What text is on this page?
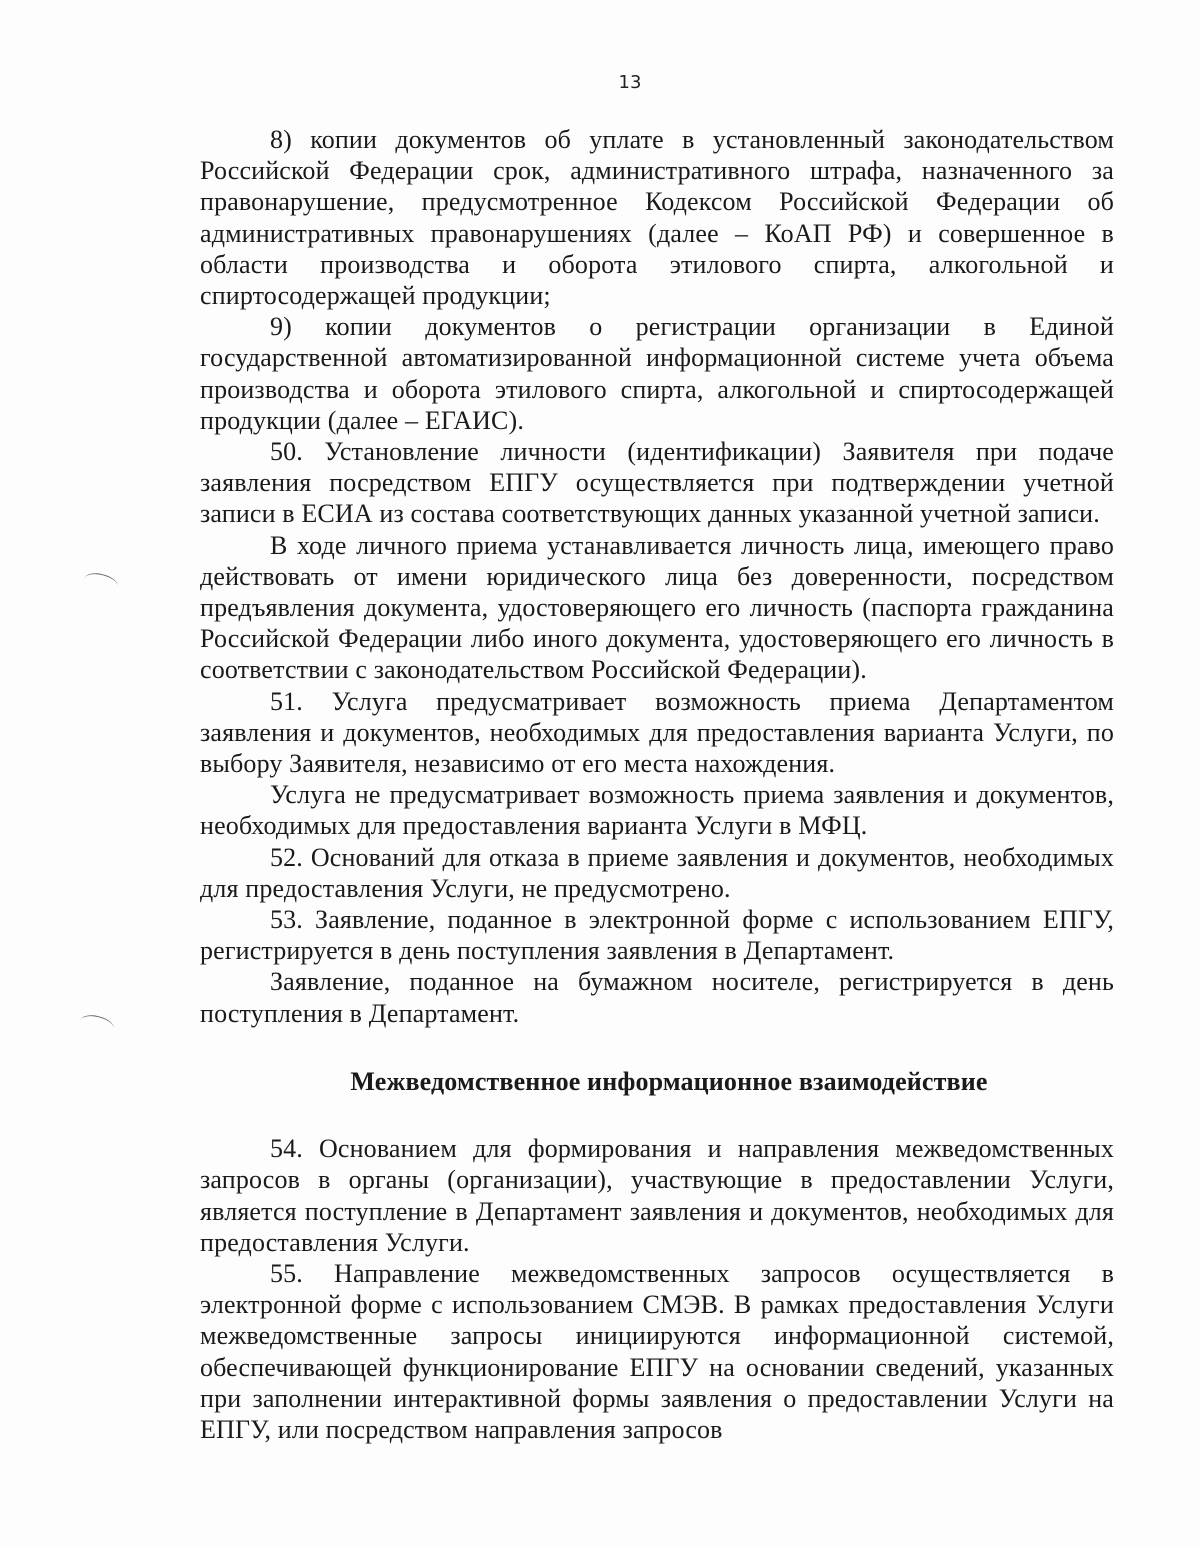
13

8) копии документов об уплате в установленный законодательством Российской Федерации срок, административного штрафа, назначенного за правонарушение, предусмотренное Кодексом Российской Федерации об административных правонарушениях (далее – КоАП РФ) и совершенное в области производства и оборота этилового спирта, алкогольной и спиртосодержащей продукции;

9) копии документов о регистрации организации в Единой государственной автоматизированной информационной системе учета объема производства и оборота этилового спирта, алкогольной и спиртосодержащей продукции (далее – ЕГАИС).

50. Установление личности (идентификации) Заявителя при подаче заявления посредством ЕПГУ осуществляется при подтверждении учетной записи в ЕСИА из состава соответствующих данных указанной учетной записи.

В ходе личного приема устанавливается личность лица, имеющего право действовать от имени юридического лица без доверенности, посредством предъявления документа, удостоверяющего его личность (паспорта гражданина Российской Федерации либо иного документа, удостоверяющего его личность в соответствии с законодательством Российской Федерации).

51. Услуга предусматривает возможность приема Департаментом заявления и документов, необходимых для предоставления варианта Услуги, по выбору Заявителя, независимо от его места нахождения.

Услуга не предусматривает возможность приема заявления и документов, необходимых для предоставления варианта Услуги в МФЦ.

52. Оснований для отказа в приеме заявления и документов, необходимых для предоставления Услуги, не предусмотрено.

53. Заявление, поданное в электронной форме с использованием ЕПГУ, регистрируется в день поступления заявления в Департамент.

Заявление, поданное на бумажном носителе, регистрируется в день поступления в Департамент.

Межведомственное информационное взаимодействие

54. Основанием для формирования и направления межведомственных запросов в органы (организации), участвующие в предоставлении Услуги, является поступление в Департамент заявления и документов, необходимых для предоставления Услуги.

55. Направление межведомственных запросов осуществляется в электронной форме с использованием СМЭВ. В рамках предоставления Услуги межведомственные запросы инициируются информационной системой, обеспечивающей функционирование ЕПГУ на основании сведений, указанных при заполнении интерактивной формы заявления о предоставлении Услуги на ЕПГУ, или посредством направления запросов
